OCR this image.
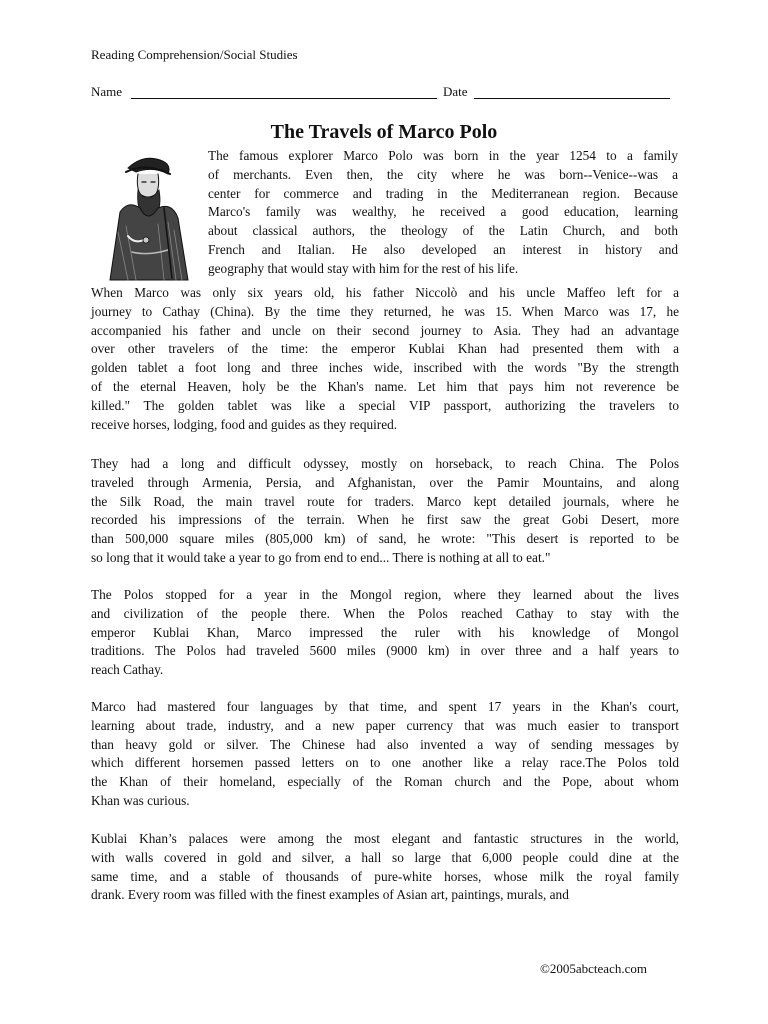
Reading Comprehension/Social Studies
Name	Date
The Travels of Marco Polo
The famous explorer Marco Polo was born in the year 1254 to a family
of merchants. Even then, the city where he was born--Venice--was a
center for commerce and trading in the Mediterranean region. Because
Marco's family was wealthy, he received a good education, learning
about classical authors, the theology of the Latin Church, and both
French and Italian. He also developed an interest in history and
geography that would stay with him for the rest of his life.
When Marco was only six years old, his father Niccolò and his uncle Maffeo left for a
journey to Cathay (China). By the time they returned, he was 15. When Marco was 17, he
accompanied his father and uncle on their second journey to Asia. They had an advantage
over other travelers of the time: the emperor Kublai Khan had presented them with a
golden tablet a foot long and three inches wide, inscribed with the words "By the strength
of the eternal Heaven, holy be the Khan's name. Let him that pays him not reverence be
killed." The golden tablet was like a special VIP passport, authorizing the travelers to
receive horses, lodging, food and guides as they required.
They had a long and difficult odyssey, mostly on horseback, to reach China. The Polos
traveled through Armenia, Persia, and Afghanistan, over the Pamir Mountains, and along
the Silk Road, the main travel route for traders. Marco kept detailed journals, where he
recorded his impressions of the terrain. When he first saw the great Gobi Desert, more
than 500,000 square miles (805,000 km) of sand, he wrote: "This desert is reported to be
so long that it would take a year to go from end to end... There is nothing at all to eat."
The Polos stopped for a year in the Mongol region, where they learned about the lives
and civilization of the people there. When the Polos reached Cathay to stay with the
emperor Kublai Khan, Marco impressed the ruler with his knowledge of Mongol
traditions. The Polos had traveled 5600 miles (9000 km) in over three and a half years to
reach Cathay.
Marco had mastered four languages by that time, and spent 17 years in the Khan's court,
learning about trade, industry, and a new paper currency that was much easier to transport
than heavy gold or silver. The Chinese had also invented a way of sending messages by
which different horsemen passed letters on to one another like a relay race.The Polos told
the Khan of their homeland, especially of the Roman church and the Pope, about whom
Khan was curious.
Kublai Khan’s palaces were among the most elegant and fantastic structures in the world,
with walls covered in gold and silver, a hall so large that 6,000 people could dine at the
same time, and a stable of thousands of pure-white horses, whose milk the royal family
drank. Every room was filled with the finest examples of Asian art, paintings, murals, and
©2005abcteach.com
